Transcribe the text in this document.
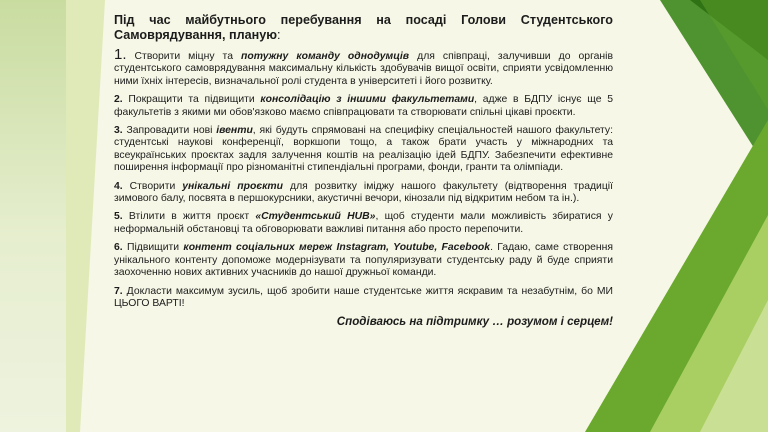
Під час майбутнього перебування на посаді Голови Студентського Самоврядування, планую:

1. Створити міцну та потужну команду однодумців для співпраці, залучивши до органів студентського самоврядування максимальну кількість здобувачів вищої освіти, сприяти усвідомленню ними їхніх інтересів, визначальної ролі студента в університеті і його розвитку.

2. Покращити та підвищити консолідацію з іншими факультетами, адже в БДПУ існує ще 5 факультетів з якими ми обов'язково маємо співпрацювати та створювати спільні цікаві проєкти.

3. Запровадити нові івенти, які будуть спрямовані на специфіку спеціальностей нашого факультету: студентські наукові конференції, воркшопи тощо, а також брати участь у міжнародних та всеукраїнських проєктах задля залучення коштів на реалізацію ідей БДПУ. Забезпечити ефективне поширення інформації про різноманітні стипендіальні програми, фонди, гранти та олімпіади.

4. Створити унікальні проєкти для розвитку іміджу нашого факультету (відтворення традиції зимового балу, посвята в першокурсники, акустичні вечори, кінозали під відкритим небом та ін.).

5. Втілити в життя проєкт «Студентський HUB», щоб студенти мали можливість збиратися у неформальній обстановці та обговорювати важливі питання або просто перепочити.

6. Підвищити контент соціальних мереж Instagram, Youtube, Facebook. Гадаю, саме створення унікального контенту допоможе модернізувати та популяризувати студентську раду й буде сприяти заохоченню нових активних учасників до нашої дружньої команди.

7. Докласти максимум зусиль, щоб зробити наше студентське життя яскравим та незабутнім, бо МИ ЦЬОГО ВАРТІ!

Сподіваюсь на підтримку … розумом і серцем!
